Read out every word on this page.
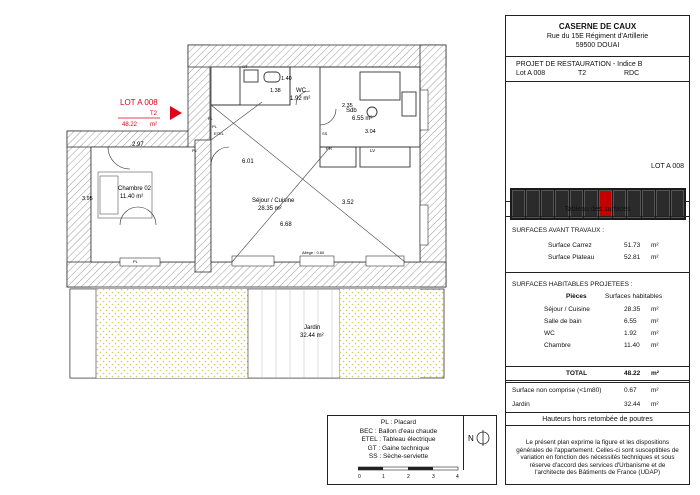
LOT A 008
T2
48.22 m²
Chambre 02
11.40 m²
Séjour / Cuisine
28.35 m²
WC
1.92 m²
Sdb
6.55 m²
Jardin
32.44 m²
2.97
3.95
6.01
6.68
3.52
1.38
1.40
2.35
3.04
PL
PL
PL
PL
FR	LV
SS
ETEL
GT
Allège : 0.60
PL : Placard
BEC : Ballon d'eau chaude
ETEL : Tableau électrique
GT : Gaine technique
SS : Sèche-serviette
N
0	1	2	3	4
CASERNE DE CAUX
Rue du 15E Régiment d'Artillerie
59500 DOUAI
PROJET DE RESTAURATION - Indice B
Lot A 008	T2	RDC
LOT A 008
Tableau des surfaces
SURFACES AVANT TRAVAUX :
Surface Carrez	51.73 m²
Surface Plateau	52.81 m²
SURFACES HABITABLES PROJETEES :
Pièces	Surfaces habitables
Séjour / Cuisine	28.35 m²
Salle de bain	6.55 m²
WC	1.92 m²
Chambre	11.40 m²
TOTAL	48.22 m²
Surface non comprise (<1m80)	0.67 m²
Jardin	32.44 m²
Hauteurs hors retombée de poutres
Le présent plan exprime la figure et les dispositions générales de l'appartement. Celles-ci sont susceptibles de variation en fonction des nécessités techniques et sous réserve d'accord des services d'Urbanisme et de l'architecte des Bâtiments de France (UDAP)
